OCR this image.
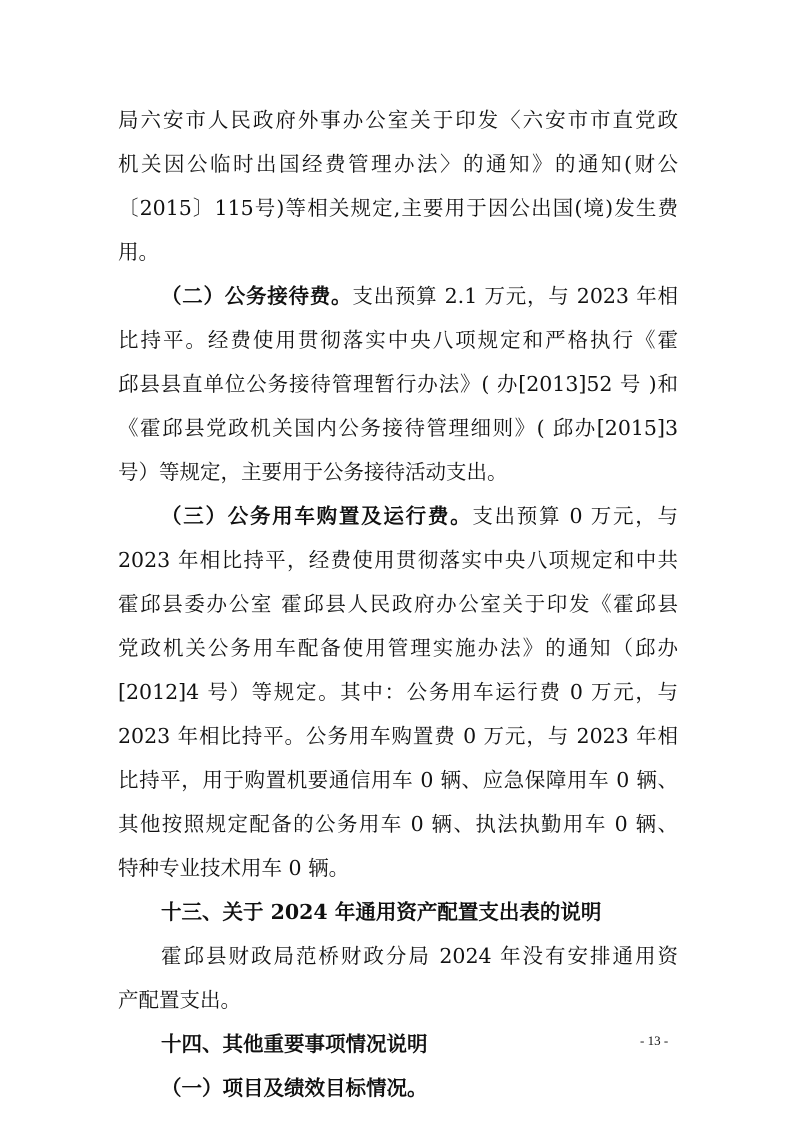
局六安市人民政府外事办公室关于印发〈六安市市直党政
机关因公临时出国经费管理办法〉的通知》的通知(财公
〔2015〕115号)等相关规定,主要用于因公出国(境)发生费
用。
（二）公务接待费。支出预算 2.1 万元，与 2023 年相
比持平。经费使用贯彻落实中央八项规定和严格执行《霍
邱县县直单位公务接待管理暂行办法》( 办[2013]52 号 )和
《霍邱县党政机关国内公务接待管理细则》( 邱办[2015]3
号）等规定，主要用于公务接待活动支出。
（三）公务用车购置及运行费。支出预算 0 万元，与
2023 年相比持平，经费使用贯彻落实中央八项规定和中共
霍邱县委办公室 霍邱县人民政府办公室关于印发《霍邱县
党政机关公务用车配备使用管理实施办法》的通知（邱办
[2012]4 号）等规定。其中：公务用车运行费 0 万元，与
2023 年相比持平。公务用车购置费 0 万元，与 2023 年相
比持平，用于购置机要通信用车 0 辆、应急保障用车 0 辆、
其他按照规定配备的公务用车 0 辆、执法执勤用车 0 辆、
特种专业技术用车 0 辆。
十三、关于 2024 年通用资产配置支出表的说明
霍邱县财政局范桥财政分局 2024 年没有安排通用资
产配置支出。
十四、其他重要事项情况说明
（一）项目及绩效目标情况。
- 13 -
